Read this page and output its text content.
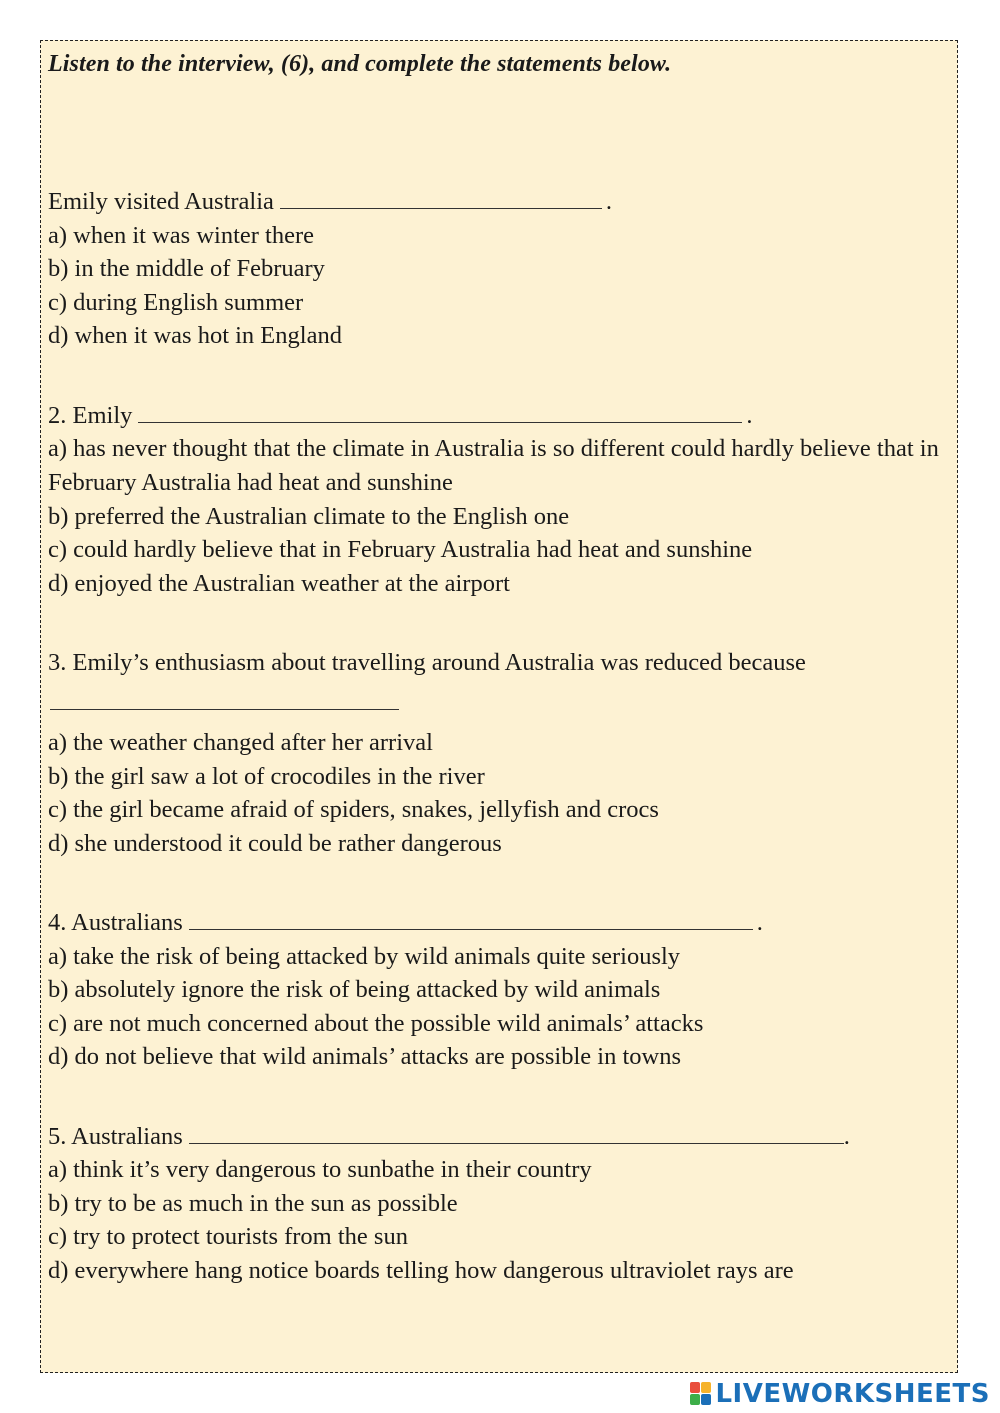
Listen to the interview, (6), and complete the statements below.
Emily visited Australia	.
a) when it was winter there
b) in the middle of February
c) during English summer
d) when it was hot in England
2. Emily	.
a) has never thought that the climate in Australia is so different could hardly believe that in February Australia had heat and sunshine
b) preferred the Australian climate to the English one
c) could hardly believe that in February Australia had heat and sunshine
d) enjoyed the Australian weather at the airport
3. Emily’s enthusiasm about travelling around Australia was reduced because
a) the weather changed after her arrival
b) the girl saw a lot of crocodiles in the river
c) the girl became afraid of spiders, snakes, jellyfish and crocs
d) she understood it could be rather dangerous
4. Australians	.
a) take the risk of being attacked by wild animals quite seriously
b) absolutely ignore the risk of being attacked by wild animals
c) are not much concerned about the possible wild animals’ attacks
d) do not believe that wild animals’ attacks are possible in towns
5. Australians	.
a) think it’s very dangerous to sunbathe in their country
b) try to be as much in the sun as possible
c) try to protect tourists from the sun
d) everywhere hang notice boards telling how dangerous ultraviolet rays are
LIVEWORKSHEETS
